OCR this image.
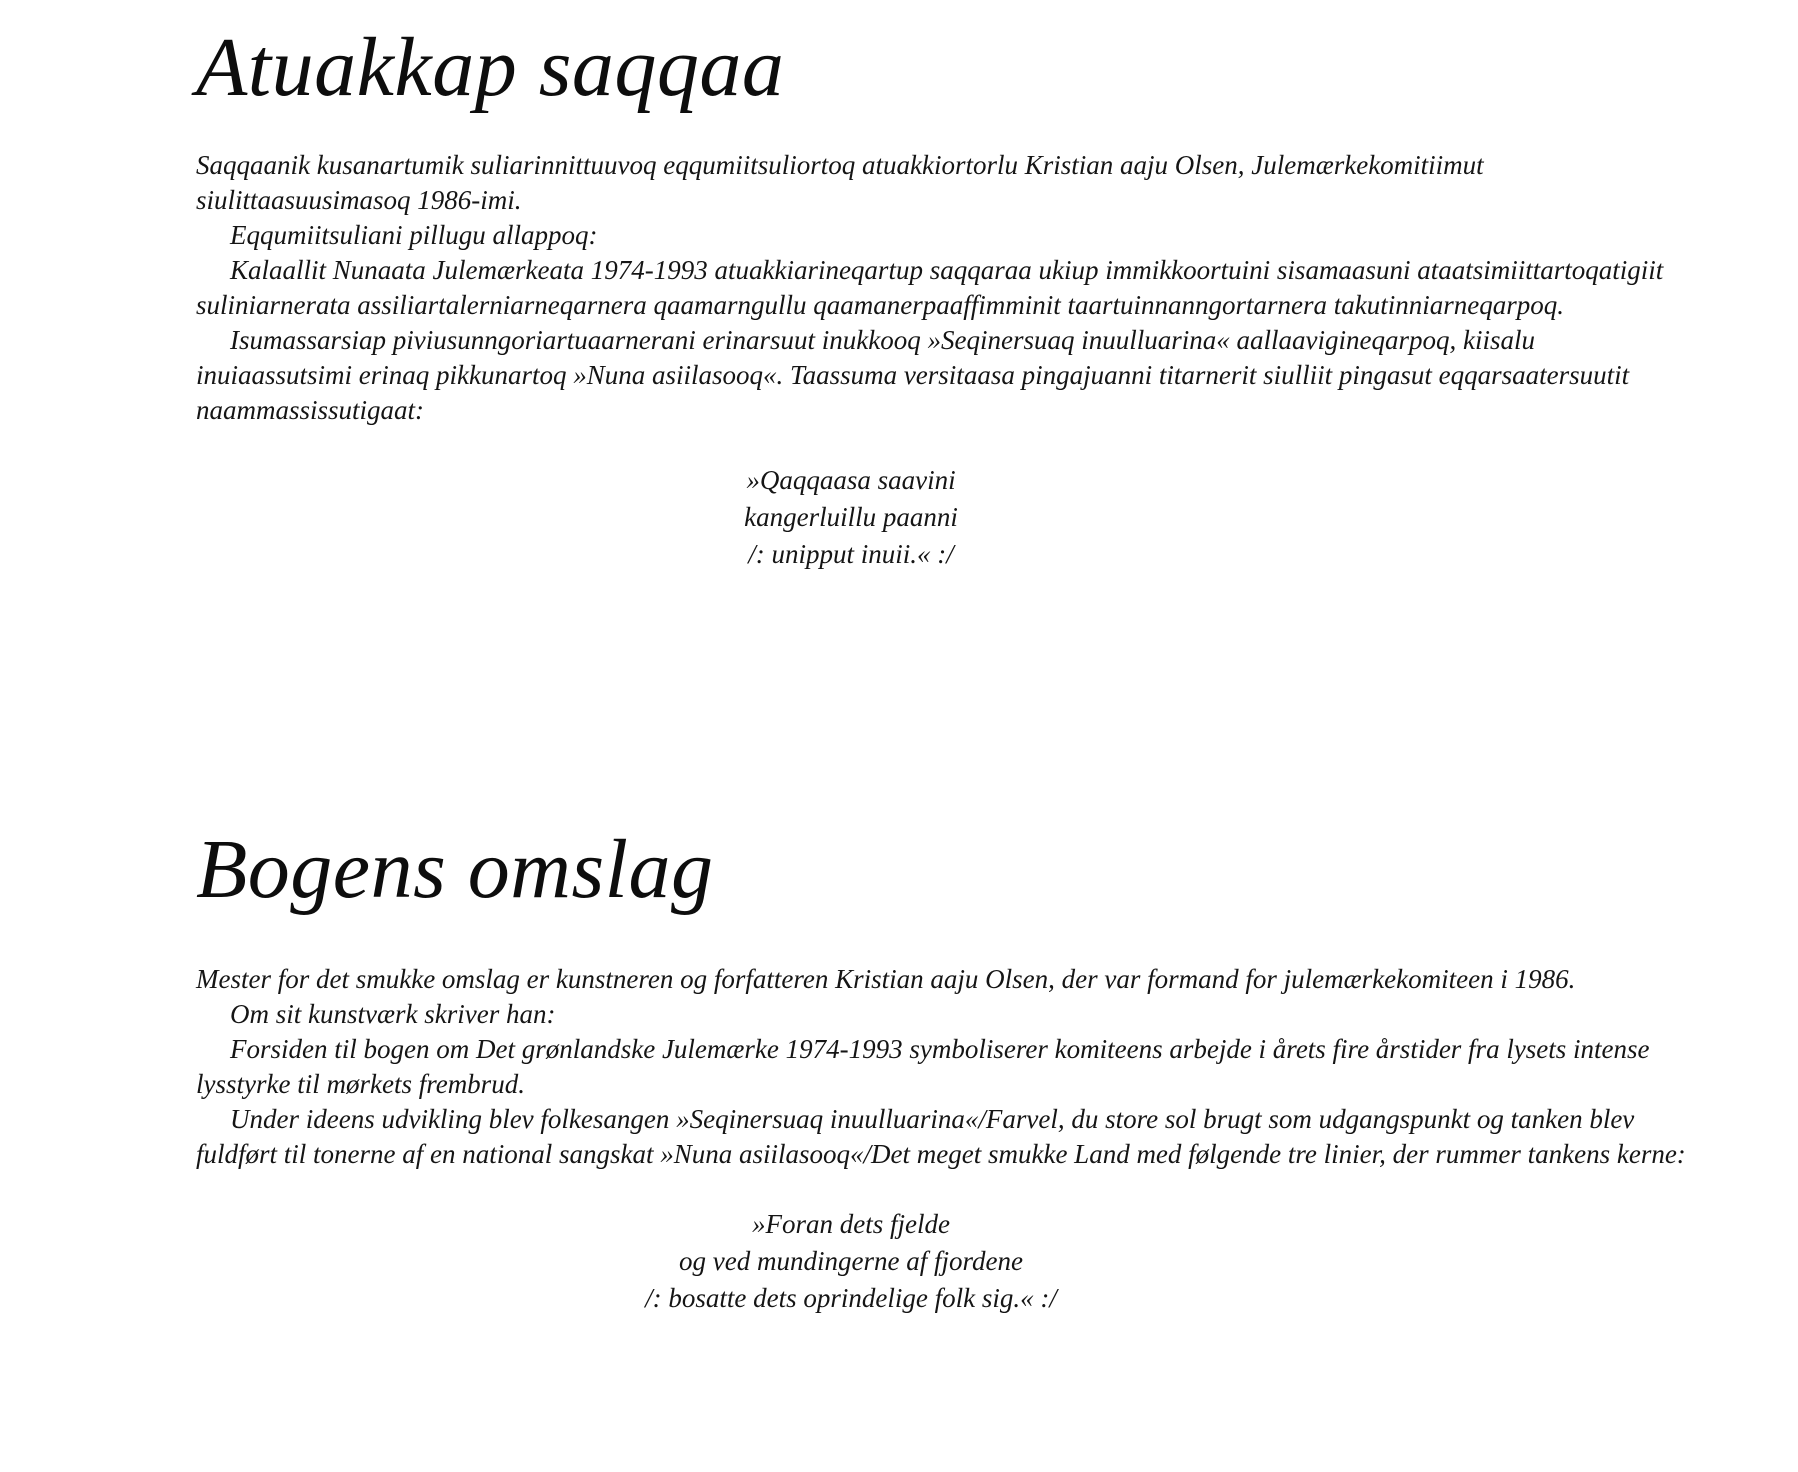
Atuakkap saqqaa

Saqqaanik kusanartumik suliarinnittuuvoq eqqumiitsuliortoq atuakkiortorlu Kristian aaju Olsen, Julemærkekomitiimut siulittaasuusimasoq 1986-imi.

Eqqumiitsuliani pillugu allappoq:

Kalaallit Nunaata Julemærkeata 1974-1993 atuakkiarineqartup saqqaraa ukiup immikkoortuini sisamaasuni ataatsimiittartoqatigiit suliniarnerata assiliartalerniarneqarnera qaamarngullu qaamanerpaaffimminit taartuinnanngortarnera takutinniarneqarpoq.

Isumassarsiap piviusunngoriartuaarnerani erinarsuut inukkooq »Seqinersuaq inuulluarina« aallaavigineqarpoq, kiisalu inuiaassutsimi erinaq pikkunartoq »Nuna asiilasooq«. Taassuma versitaasa pingajuanni titarnerit siulliit pingasut eqqarsaatersuutit naammassissutigaat:

»Qaqqaasa saavini
kangerluillu paanni
/: unipput inuii.« :/
Bogens omslag

Mester for det smukke omslag er kunstneren og forfatteren Kristian aaju Olsen, der var formand for julemærkekomiteen i 1986.

Om sit kunstværk skriver han:

Forsiden til bogen om Det grønlandske Julemærke 1974-1993 symboliserer komiteens arbejde i årets fire årstider fra lysets intense lysstyrke til mørkets frembrud.

Under ideens udvikling blev folkesangen »Seqinersuaq inuulluarina«/Farvel, du store sol brugt som udgangspunkt og tanken blev fuldført til tonerne af en national sangskat »Nuna asiilasooq«/Det meget smukke Land med følgende tre linier, der rummer tankens kerne:

»Foran dets fjelde
og ved mundingerne af fjordene
/: bosatte dets oprindelige folk sig.« :/
